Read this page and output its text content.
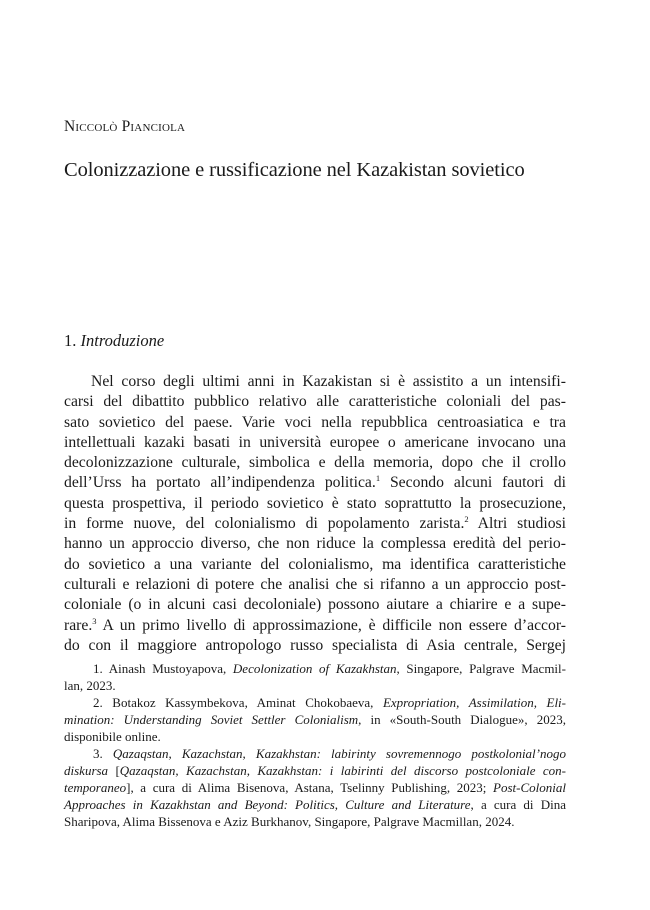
Niccolò Pianciola
Colonizzazione e russificazione nel Kazakistan sovietico
1. Introduzione
Nel corso degli ultimi anni in Kazakistan si è assistito a un intensifi-
carsi del dibattito pubblico relativo alle caratteristiche coloniali del pas-
sato sovietico del paese. Varie voci nella repubblica centroasiatica e tra
intellettuali kazaki basati in università europee o americane invocano una
decolonizzazione culturale, simbolica e della memoria, dopo che il crollo
dell’Urss ha portato all’indipendenza politica.$^1$ Secondo alcuni fautori di
questa prospettiva, il periodo sovietico è stato soprattutto la prosecuzione,
in forme nuove, del colonialismo di popolamento zarista.$^2$ Altri studiosi
hanno un approccio diverso, che non riduce la complessa eredità del perio-
do sovietico a una variante del colonialismo, ma identifica caratteristiche
culturali e relazioni di potere che analisi che si rifanno a un approccio post-
coloniale (o in alcuni casi decoloniale) possono aiutare a chiarire e a supe-
rare.$^3$ A un primo livello di approssimazione, è difficile non essere d’accor-
do con il maggiore antropologo russo specialista di Asia centrale, Sergej
1. Ainash Mustoyapova, Decolonization of Kazakhstan, Singapore, Palgrave Macmil-
lan, 2023.
2. Botakoz Kassymbekova, Aminat Chokobaeva, Expropriation, Assimilation, Eli-
mination: Understanding Soviet Settler Colonialism, in «South-South Dialogue», 2023,
disponibile online.
3. Qazaqstan, Kazachstan, Kazakhstan: labirinty sovremennogo postkolonial’nogo
diskursa [Qazaqstan, Kazachstan, Kazakhstan: i labirinti del discorso postcoloniale con-
temporaneo], a cura di Alima Bisenova, Astana, Tselinny Publishing, 2023; Post-Colonial
Approaches in Kazakhstan and Beyond: Politics, Culture and Literature, a cura di Dina
Sharipova, Alima Bissenova e Aziz Burkhanov, Singapore, Palgrave Macmillan, 2024.
